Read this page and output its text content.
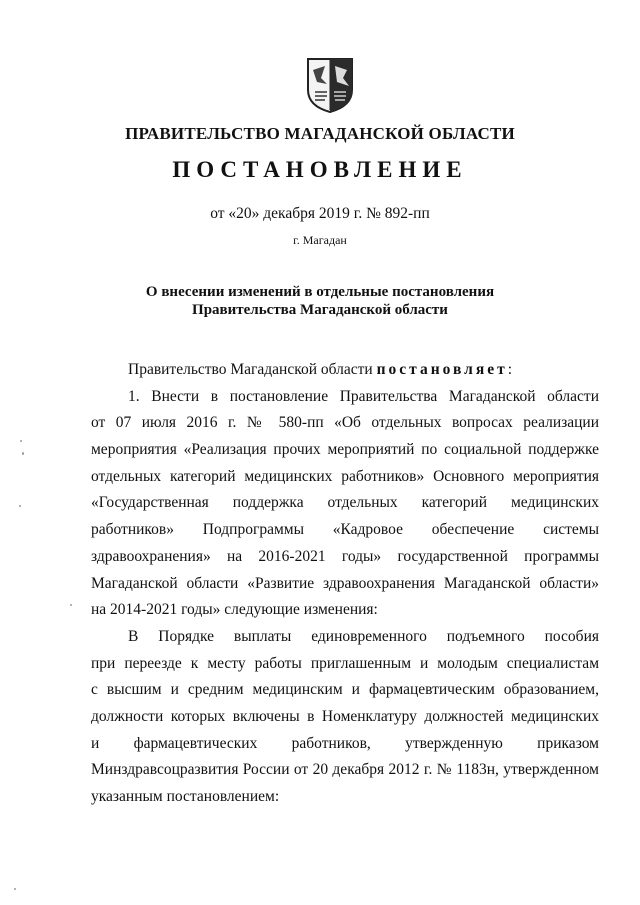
ПРАВИТЕЛЬСТВО МАГАДАНСКОЙ ОБЛАСТИ
ПОСТАНОВЛЕНИЕ
от «20» декабря 2019 г. № 892-пп
г. Магадан
О внесении изменений в отдельные постановления
Правительства Магаданской области
Правительство Магаданской области постановляет:
1. Внести в постановление Правительства Магаданской области
от 07 июля 2016 г. № 580-пп «Об отдельных вопросах реализации
мероприятия «Реализация прочих мероприятий по социальной поддержке
отдельных категорий медицинских работников» Основного мероприятия
«Государственная поддержка отдельных категорий медицинских
работников» Подпрограммы «Кадровое обеспечение системы
здравоохранения» на 2016-2021 годы» государственной программы
Магаданской области «Развитие здравоохранения Магаданской области»
на 2014-2021 годы» следующие изменения:
В Порядке выплаты единовременного подъемного пособия
при переезде к месту работы приглашенным и молодым специалистам
с высшим и средним медицинским и фармацевтическим образованием,
должности которых включены в Номенклатуру должностей медицинских
и фармацевтических работников, утвержденную приказом
Минздравсоцразвития России от 20 декабря 2012 г. № 1183н, утвержденном
указанным постановлением:
